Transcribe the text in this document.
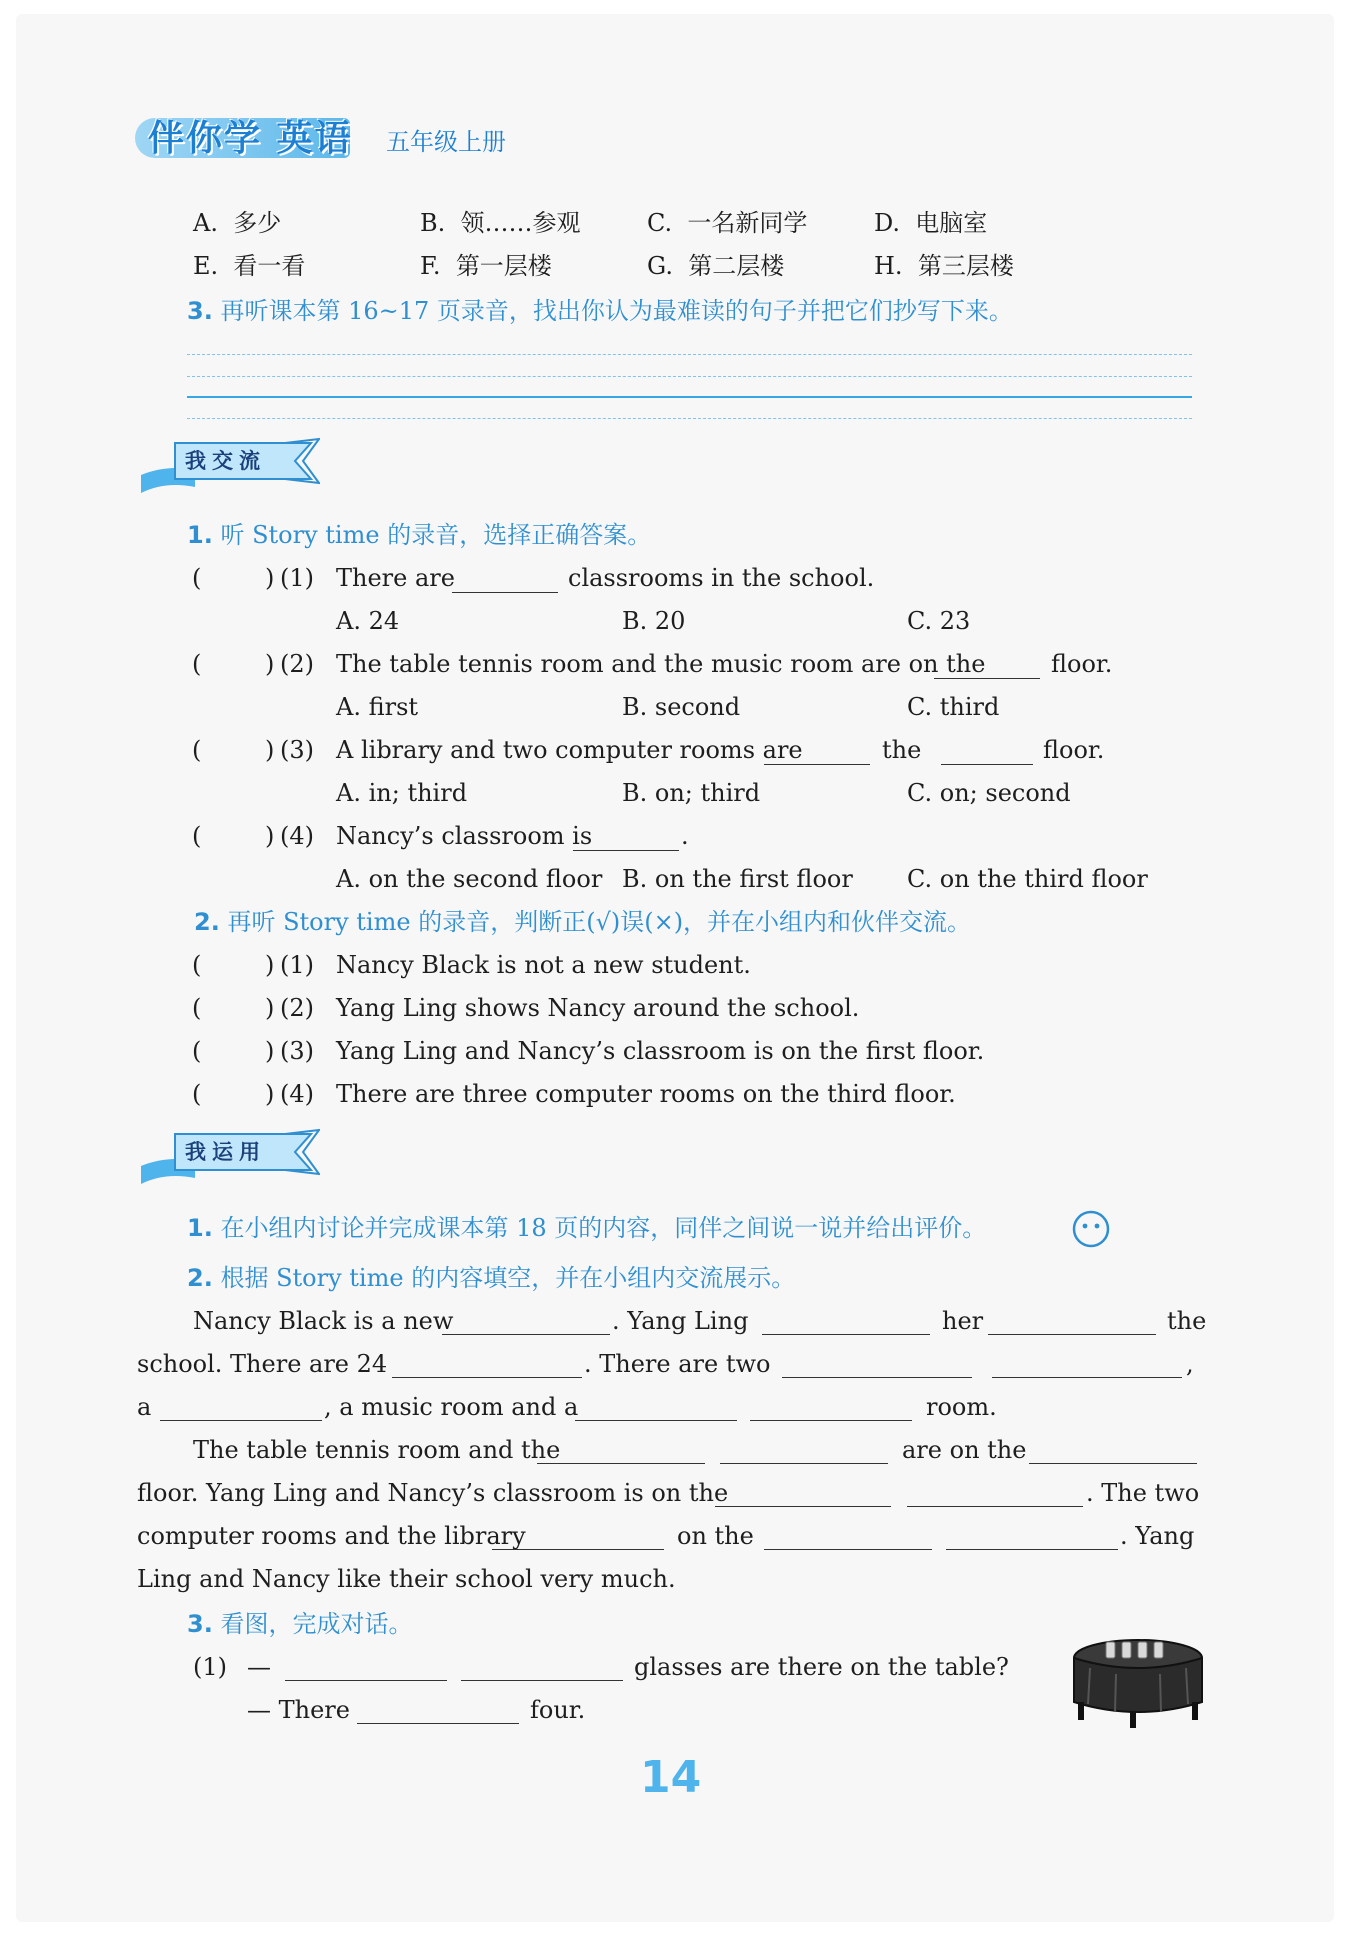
伴你学 英语 五年级上册
A. 多少	B. 领……参观	C. 一名新同学	D. 电脑室
E. 看一看	F. 第一层楼	G. 第二层楼	H. 第三层楼
3. 再听课本第 16~17 页录音，找出你认为最难读的句子并把它们抄写下来。
我交流
1. 听 Story time 的录音，选择正确答案。
(	) (1) There are	classrooms in the school.
A. 24	B. 20	C. 23
(	) (2) The table tennis room and the music room are on the	floor.
A. first	B. second	C. third
(	) (3) A library and two computer rooms are	the	floor.
A. in; third	B. on; third	C. on; second
(	) (4) Nancy’s classroom is	.
A. on the second floor B. on the first floor C. on the third floor
2. 再听 Story time 的录音，判断正(√)误(×)，并在小组内和伙伴交流。
(	) (1) Nancy Black is not a new student.
(	) (2) Yang Ling shows Nancy around the school.
(	) (3) Yang Ling and Nancy’s classroom is on the first floor.
(	) (4) There are three computer rooms on the third floor.
我运用
1. 在小组内讨论并完成课本第 18 页的内容，同伴之间说一说并给出评价。
2. 根据 Story time 的内容填空，并在小组内交流展示。
Nancy Black is a new	. Yang Ling	her	the
school. There are 24	. There are two	,
a	, a music room and a	room.
The table tennis room and the	are on the
floor. Yang Ling and Nancy’s classroom is on the	. The two
computer rooms and the library	on the	. Yang
Ling and Nancy like their school very much.
3. 看图，完成对话。
(1) —	glasses are there on the table?
— There	four.
14
